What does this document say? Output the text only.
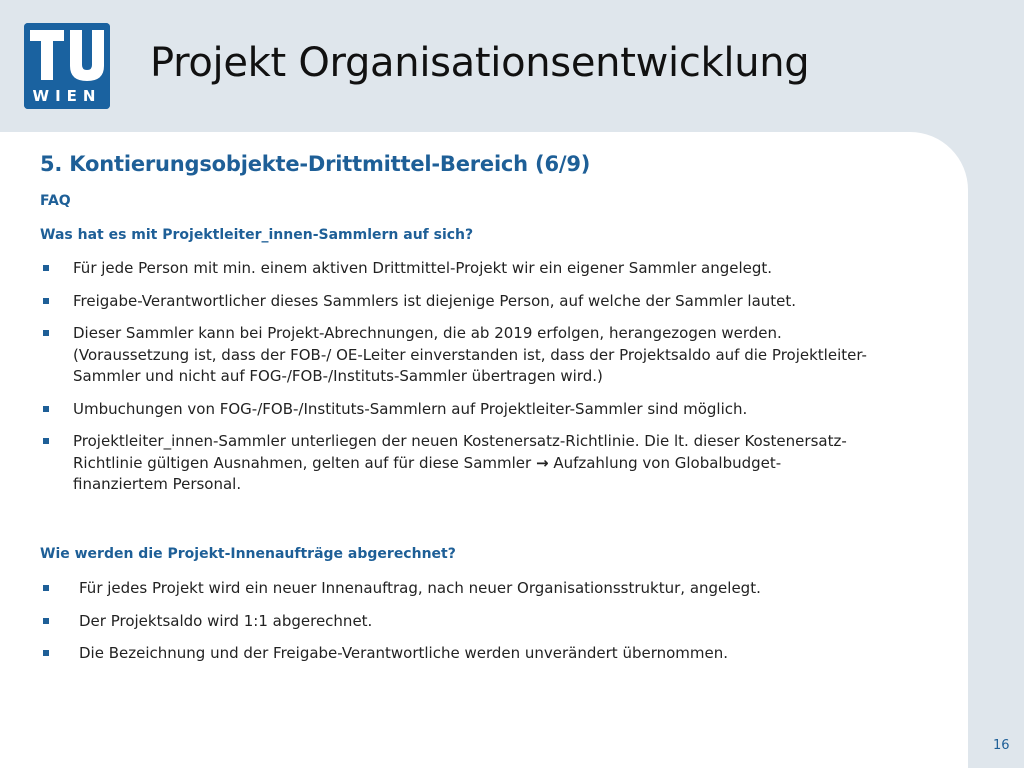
WIEN
Projekt Organisationsentwicklung
5. Kontierungsobjekte-Drittmittel-Bereich (6/9)
FAQ
Was hat es mit Projektleiter_innen-Sammlern auf sich?
Für jede Person mit min. einem aktiven Drittmittel-Projekt wir ein eigener Sammler angelegt.
Freigabe-Verantwortlicher dieses Sammlers ist diejenige Person, auf welche der Sammler lautet.
Dieser Sammler kann bei Projekt-Abrechnungen, die ab 2019 erfolgen, herangezogen werden.
(Voraussetzung ist, dass der FOB-/ OE-Leiter einverstanden ist, dass der Projektsaldo auf die Projektleiter-
Sammler und nicht auf FOG-/FOB-/Instituts-Sammler übertragen wird.)
Umbuchungen von FOG-/FOB-/Instituts-Sammlern auf Projektleiter-Sammler sind möglich.
Projektleiter_innen-Sammler unterliegen der neuen Kostenersatz-Richtlinie. Die lt. dieser Kostenersatz-
Richtlinie gültigen Ausnahmen, gelten auf für diese Sammler → Aufzahlung von Globalbudget-
finanziertem Personal.
Wie werden die Projekt-Innenaufträge abgerechnet?
Für jedes Projekt wird ein neuer Innenauftrag, nach neuer Organisationsstruktur, angelegt.
Der Projektsaldo wird 1:1 abgerechnet.
Die Bezeichnung und der Freigabe-Verantwortliche werden unverändert übernommen.
16
